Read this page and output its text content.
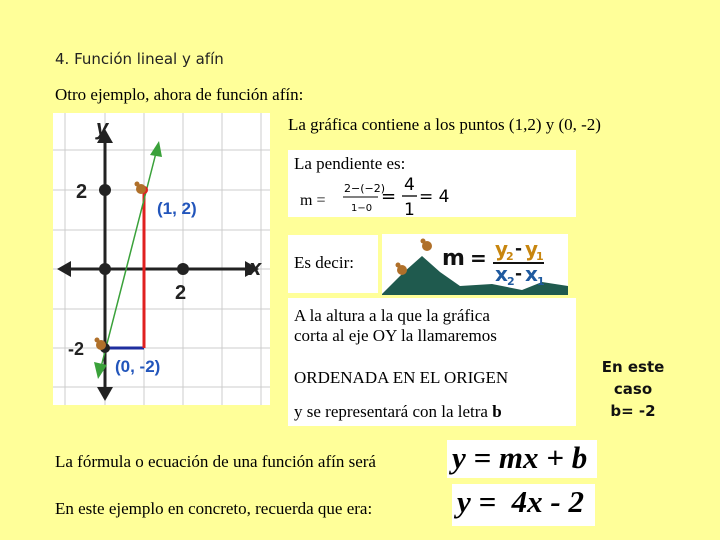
4. Función lineal y afín
Otro ejemplo, ahora de función afín:
y
x
2
2
-2
(1, 2)
(0, -2)
La gráfica contiene a los puntos (1,2) y (0, -2)
La pendiente es:
m =
2−(−2)
1−0
=
4
1
= 4
Es decir:	m = y
2 - y
1
x 2 - x 1
A la altura a la que la gráfica
corta al eje OY la llamaremos
ORDENADA EN EL ORIGEN
y se representará con la letra b
En este caso
b= -2
La fórmula o ecuación de una función afín será y = mx + b
En este ejemplo en concreto, recuerda que era:	y =  4x - 2
